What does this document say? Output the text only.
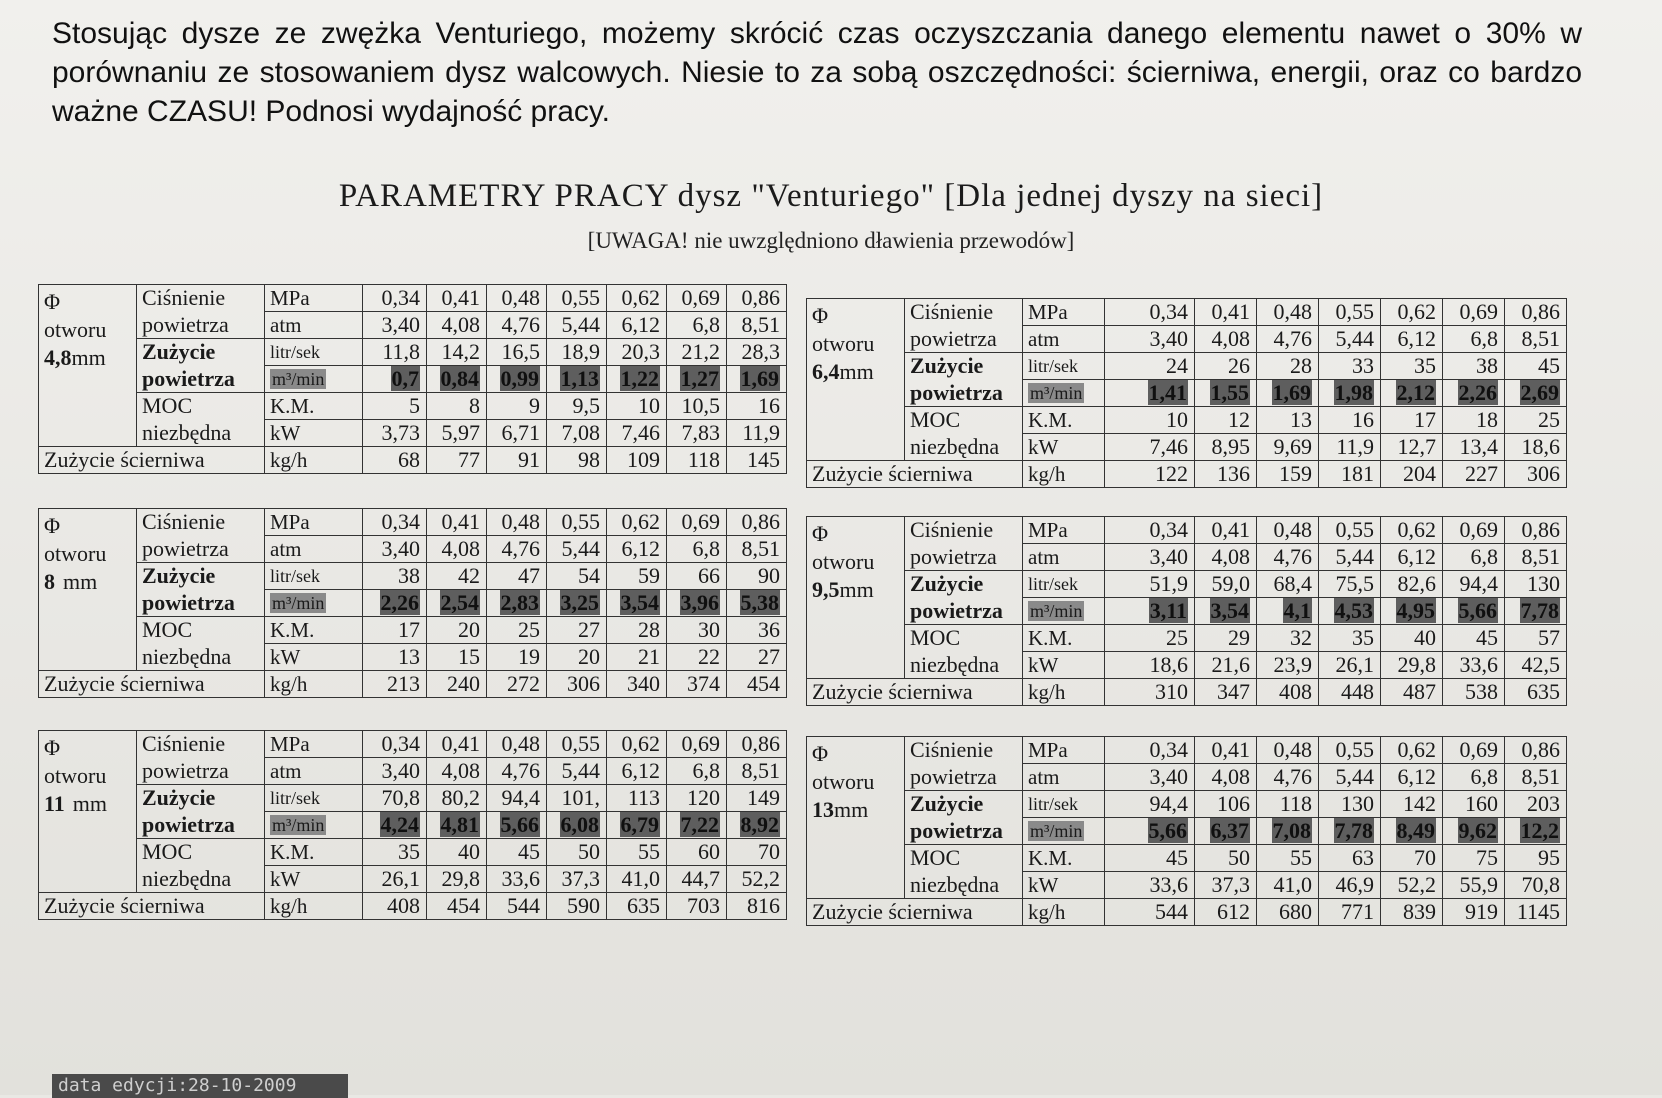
Stosując dysze ze zwężka Venturiego, możemy skrócić czas oczyszczania danego elementu nawet o 30% w porównaniu ze stosowaniem dysz walcowych. Niesie to za sobą oszczędności: ścierniwa, energii, oraz co bardzo ważne CZASU! Podnosi wydajność pracy.
PARAMETRY PRACY dysz "Venturiego" [Dla jednej dyszy na sieci]
[UWAGA! nie uwzględniono dławienia przewodów]
Φ
otworu
4,8mm	Ciśnienie	MPa	0,34	0,41	0,48	0,55	0,62	0,69	0,86
	powietrza	atm	3,40	4,08	4,76	5,44	6,12	6,8	8,51
	Zużycie	litr/sek	11,8	14,2	16,5	18,9	20,3	21,2	28,3
	powietrza	m³/min	0,7	0,84	0,99	1,13	1,22	1,27	1,69
	MOC	K.M.	5	8	9	9,5	10	10,5	16
	niezbędna	kW	3,73	5,97	6,71	7,08	7,46	7,83	11,9
Zużycie ścierniwa		kg/h	68	77	91	98	109	118	145
Φ
otworu
8 mm	Ciśnienie	MPa	0,34	0,41	0,48	0,55	0,62	0,69	0,86
	powietrza	atm	3,40	4,08	4,76	5,44	6,12	6,8	8,51
	Zużycie	litr/sek	38	42	47	54	59	66	90
	powietrza	m³/min	2,26	2,54	2,83	3,25	3,54	3,96	5,38
	MOC	K.M.	17	20	25	27	28	30	36
	niezbędna	kW	13	15	19	20	21	22	27
Zużycie ścierniwa		kg/h	213	240	272	306	340	374	454
Φ
otworu
11 mm	Ciśnienie	MPa	0,34	0,41	0,48	0,55	0,62	0,69	0,86
	powietrza	atm	3,40	4,08	4,76	5,44	6,12	6,8	8,51
	Zużycie	litr/sek	70,8	80,2	94,4	101,	113	120	149
	powietrza	m³/min	4,24	4,81	5,66	6,08	6,79	7,22	8,92
	MOC	K.M.	35	40	45	50	55	60	70
	niezbędna	kW	26,1	29,8	33,6	37,3	41,0	44,7	52,2
Zużycie ścierniwa		kg/h	408	454	544	590	635	703	816
Φ
otworu
6,4mm	Ciśnienie	MPa	0,34	0,41	0,48	0,55	0,62	0,69	0,86
	powietrza	atm	3,40	4,08	4,76	5,44	6,12	6,8	8,51
	Zużycie	litr/sek	24	26	28	33	35	38	45
	powietrza	m³/min	1,41	1,55	1,69	1,98	2,12	2,26	2,69
	MOC	K.M.	10	12	13	16	17	18	25
	niezbędna	kW	7,46	8,95	9,69	11,9	12,7	13,4	18,6
Zużycie ścierniwa		kg/h	122	136	159	181	204	227	306
Φ
otworu
9,5mm	Ciśnienie	MPa	0,34	0,41	0,48	0,55	0,62	0,69	0,86
	powietrza	atm	3,40	4,08	4,76	5,44	6,12	6,8	8,51
	Zużycie	litr/sek	51,9	59,0	68,4	75,5	82,6	94,4	130
	powietrza	m³/min	3,11	3,54	4,1	4,53	4,95	5,66	7,78
	MOC	K.M.	25	29	32	35	40	45	57
	niezbędna	kW	18,6	21,6	23,9	26,1	29,8	33,6	42,5
Zużycie ścierniwa		kg/h	310	347	408	448	487	538	635
Φ
otworu
13mm	Ciśnienie	MPa	0,34	0,41	0,48	0,55	0,62	0,69	0,86
	powietrza	atm	3,40	4,08	4,76	5,44	6,12	6,8	8,51
	Zużycie	litr/sek	94,4	106	118	130	142	160	203
	powietrza	m³/min	5,66	6,37	7,08	7,78	8,49	9,62	12,2
	MOC	K.M.	45	50	55	63	70	75	95
	niezbędna	kW	33,6	37,3	41,0	46,9	52,2	55,9	70,8
Zużycie ścierniwa		kg/h	544	612	680	771	839	919	1145
data edycji:28-10-2009
